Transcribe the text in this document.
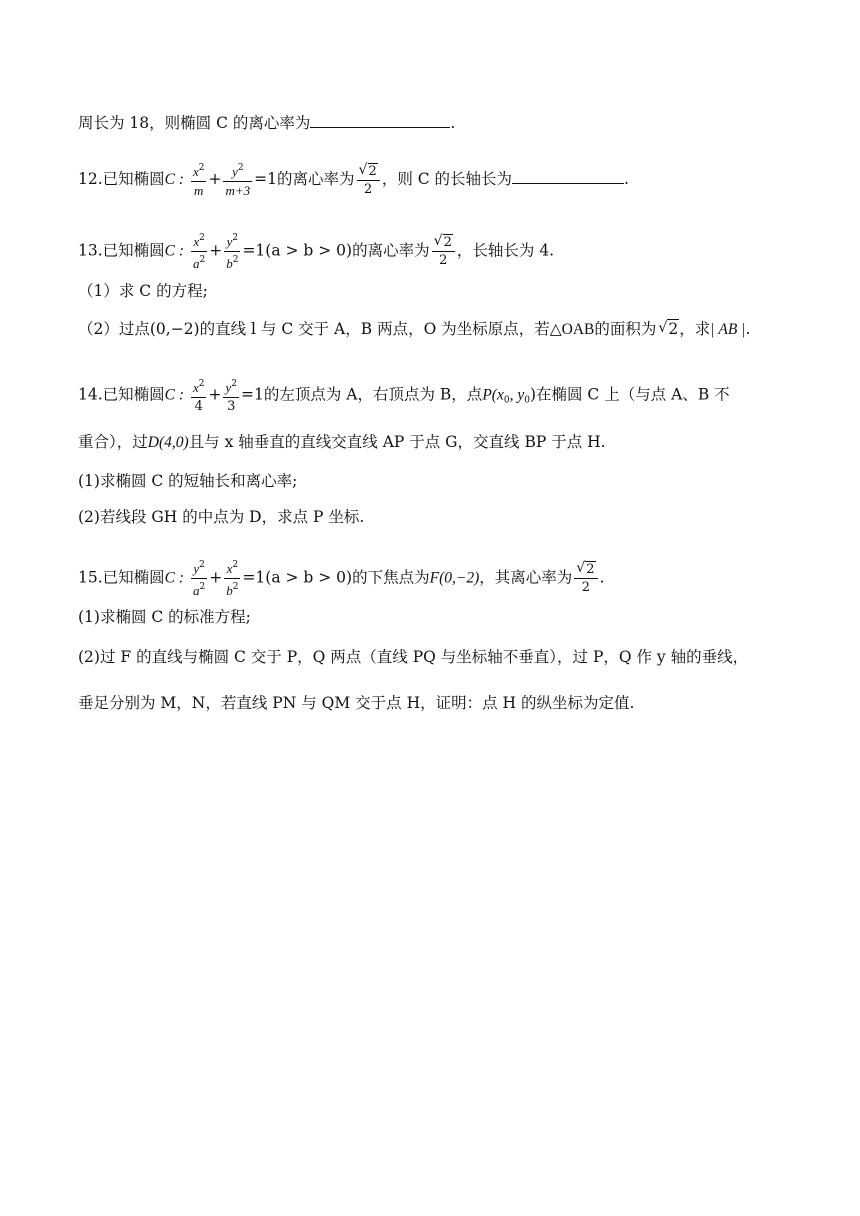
周长为 18，则椭圆 C 的离心率为	.
12.已知椭圆C : $\frac{x^2}{m} + \frac{y^2}{m+3} =1$的离心率为 $\frac{√ 2}{2}$ ，则 C 的长轴长为	.
13.已知椭圆C : $\frac{x^2}{a^2} + \frac{y^2}{b^2} =1(a > b > 0)$的离心率为 $\frac{√ 2}{2}$ ，长轴长为 4.
（1）求 C 的方程;
（2）过点(0,−2)的直线 l 与 C 交于 A，B 两点，O 为坐标原点，若△OAB的面积为 √ 2，求| AB |.
14.已知椭圆C : $\frac{x^2}{4} + \frac{y^2}{3} =1$的左顶点为 A，右顶点为 B，点$P(x_0$, $y_0$)在椭圆 C 上（与点 A、B 不
重合），过D(4,0)且与 x 轴垂直的直线交直线 AP 于点 G，交直线 BP 于点 H.
(1)求椭圆 C 的短轴长和离心率;
(2)若线段 GH 的中点为 D，求点 P 坐标.
15.已知椭圆C : $\frac{y^2}{a^2} + \frac{x^2}{b^2} =1(a > b > 0)$的下焦点为F(0,−2)，其离心率为 $\frac{√ 2}{2}$ .
(1)求椭圆 C 的标准方程;
(2)过 F 的直线与椭圆 C 交于 P，Q 两点（直线 PQ 与坐标轴不垂直），过 P，Q 作 y 轴的垂线，
垂足分别为 M，N，若直线 PN 与 QM 交于点 H，证明：点 H 的纵坐标为定值.
